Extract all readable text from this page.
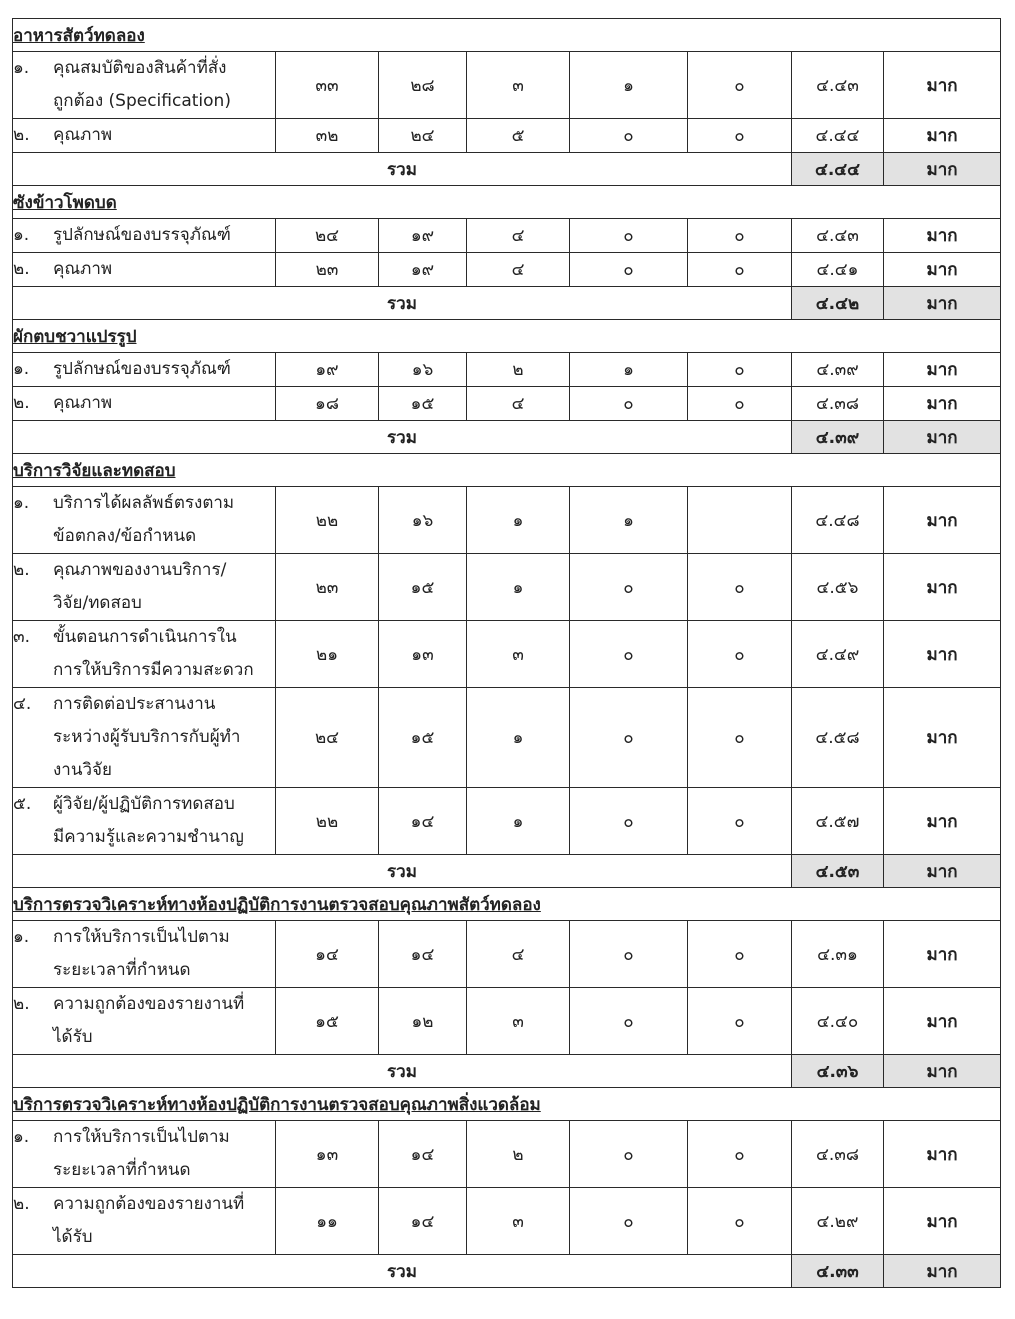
อาหารสัตว์ทดลอง							

๑. คุณสมบัติของสินค้าที่สั่ง
ถูกต้อง (Specification)	๓๓	๒๘	๓	๑	๐	๔.๔๓	มาก

๒. คุณภาพ	๓๒	๒๔	๕	๐	๐	๔.๔๔	มาก
รวม						๔.๔๔	มาก
ซังข้าวโพดบด							

๑. รูปลักษณ์ของบรรจุภัณฑ์	๒๔	๑๙	๔	๐	๐	๔.๔๓	มาก

๒. คุณภาพ	๒๓	๑๙	๔	๐	๐	๔.๔๑	มาก
รวม						๔.๔๒	มาก
ผักตบชวาแปรรูป							

๑. รูปลักษณ์ของบรรจุภัณฑ์	๑๙	๑๖	๒	๑	๐	๔.๓๙	มาก

๒. คุณภาพ	๑๘	๑๕	๔	๐	๐	๔.๓๘	มาก
รวม						๔.๓๙	มาก
บริการวิจัยและทดสอบ							

๑. บริการได้ผลลัพธ์ตรงตาม
ข้อตกลง/ข้อกำหนด	๒๒	๑๖	๑	๑		๔.๔๘	มาก

๒. คุณภาพของงานบริการ/
วิจัย/ทดสอบ	๒๓	๑๕	๑	๐	๐	๔.๕๖	มาก

๓. ขั้นตอนการดำเนินการใน
การให้บริการมีความสะดวก	๒๑	๑๓	๓	๐	๐	๔.๔๙	มาก

๔. การติดต่อประสานงาน
ระหว่างผู้รับบริการกับผู้ทำ
งานวิจัย	๒๔	๑๕	๑	๐	๐	๔.๕๘	มาก

๕. ผู้วิจัย/ผู้ปฏิบัติการทดสอบ
มีความรู้และความชำนาญ	๒๒	๑๔	๑	๐	๐	๔.๕๗	มาก
รวม						๔.๕๓	มาก
บริการตรวจวิเคราะห์ทางห้องปฏิบัติการงานตรวจสอบคุณภาพสัตว์ทดลอง							

๑. การให้บริการเป็นไปตาม
ระยะเวลาที่กำหนด	๑๔	๑๔	๔	๐	๐	๔.๓๑	มาก

๒. ความถูกต้องของรายงานที่
ได้รับ	๑๕	๑๒	๓	๐	๐	๔.๔๐	มาก
รวม						๔.๓๖	มาก
บริการตรวจวิเคราะห์ทางห้องปฏิบัติการงานตรวจสอบคุณภาพสิ่งแวดล้อม							

๑. การให้บริการเป็นไปตาม
ระยะเวลาที่กำหนด	๑๓	๑๔	๒	๐	๐	๔.๓๘	มาก

๒. ความถูกต้องของรายงานที่
ได้รับ	๑๑	๑๔	๓	๐	๐	๔.๒๙	มาก
รวม						๔.๓๓	มาก
